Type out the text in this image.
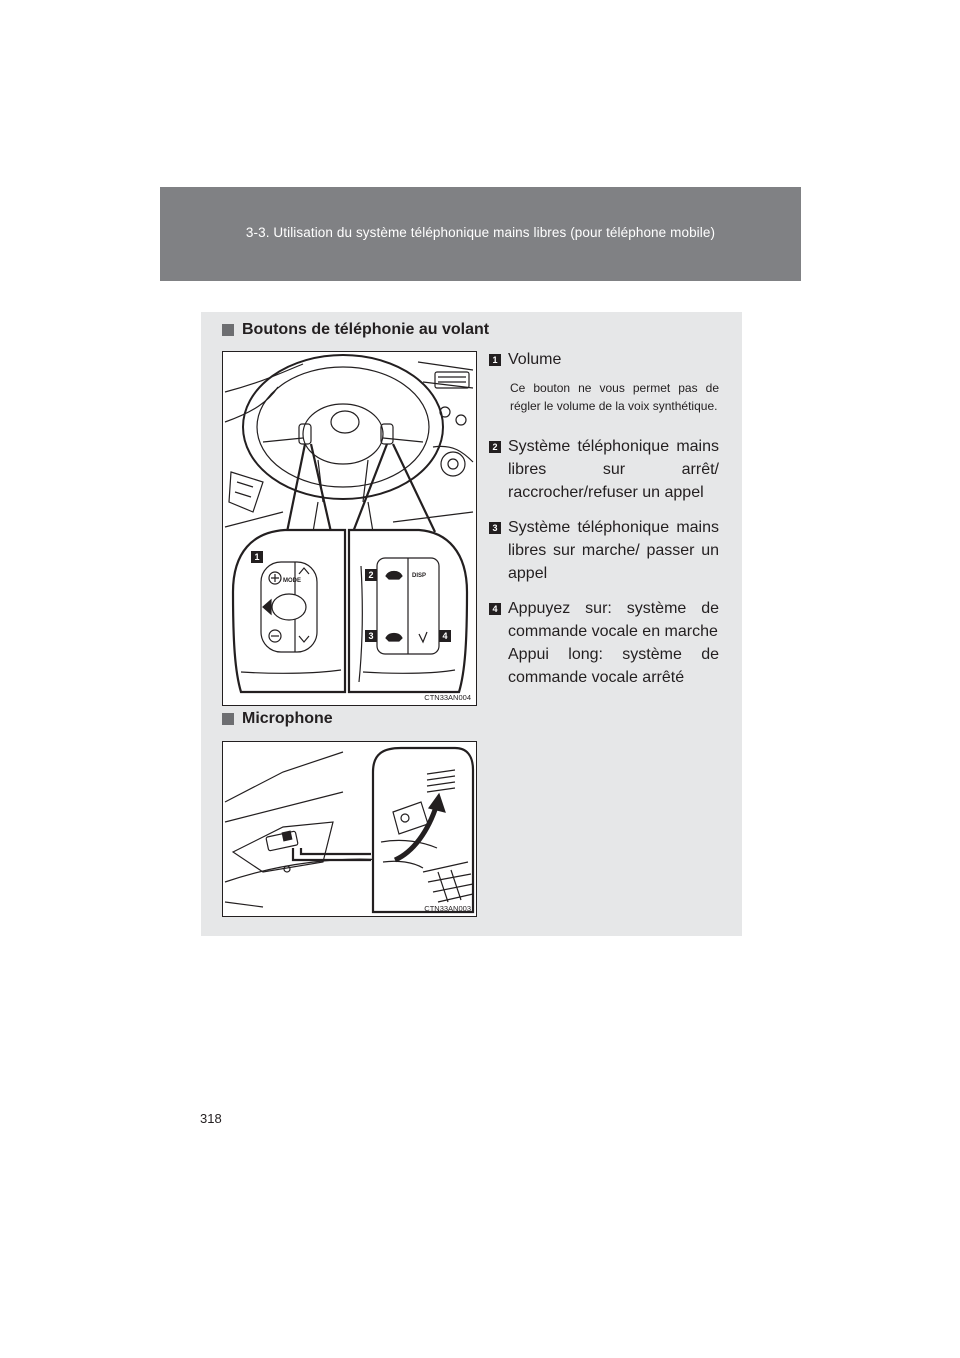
3-3. Utilisation du système téléphonique mains libres (pour téléphone mobile)
Boutons de téléphonie au volant
MODE
DISP
1
2
3	4
CTN33AN004
1 Volume
Ce bouton ne vous permet pas de régler le volume de la voix synthétique.
2 Système téléphonique mains libres sur arrêt/ raccrocher/refuser un appel
3 Système téléphonique mains libres sur marche/ passer un appel
4 Appuyez sur: système de commande vocale en marche
Appui long: système de commande vocale arrêté
Microphone
CTN33AN003
318
